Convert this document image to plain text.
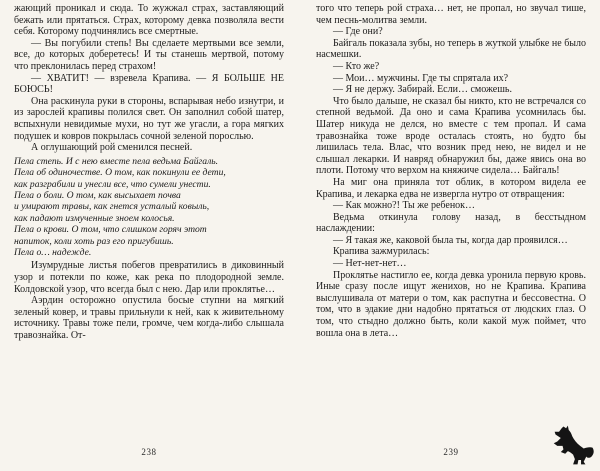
жающий проникал и сюда. То жужжал страх, заставляющий бежать или прятаться. Страх, которому девка позволяла вести себя. Которому подчинялись все смертные.

— Вы погубили степь! Вы сделаете мертвыми все земли, все, до которых доберетесь! И ты станешь мертвой, потому что преклонилась перед страхом!

— ХВАТИТ! — взревела Крапива. — Я БОЛЬШЕ НЕ БОЮСЬ!

Она раскинула руки в стороны, вспарывая небо изнутри, и из зарослей крапивы полился свет. Он заполнил собой шатер, вспыхнули невидимые мухи, но тут же угасли, а гора мягких подушек и ковров покрылась сочной зеленой порослью.

А оглушающий рой сменился песней.

Пела степь. И с нею вместе пела ведьма Байгаль.
Пела об одиночестве. О том, как покинули ее дети,
как разграбили и унесли все, что сумели унести.
Пела о боли. О том, как высыхает почва
и умирают травы, как гнется усталый ковыль,
как падают измученные зноем колосья.
Пела о крови. О том, что слишком горяч этот
напиток, коли хоть раз его пригубишь.
Пела о… надежде.

Изумрудные листья побегов превратились в диковинный узор и потекли по коже, как река по плодородной земле. Колдовской узор, что всегда был с нею. Дар или проклятье…

Аэрдин осторожно опустила босые ступни на мягкий зеленый ковер, и травы прильнули к ней, как к живительному источнику. Травы тоже пели, громче, чем когда-либо слышала травознайка. От-

238

того что теперь рой страха… нет, не пропал, но звучал тише, чем песнь-молитва земли.

— Где они?

Байгаль показала зубы, но теперь в жуткой улыбке не было насмешки.

— Кто же?

— Мои… мужчины. Где ты спрятала их?

— Я не держу. Забирай. Если… сможешь.

Что было дальше, не сказал бы никто, кто не встречался со степной ведьмой. Да оно и сама Крапива усомнилась бы. Шатер никуда не делся, но вместе с тем пропал. И сама травознайка тоже вроде осталась стоять, но будто бы лишилась тела. Влас, что возник пред нею, не видел и не слышал лекарки. И навряд обнаружил бы, даже явись она во плоти. Потому что верхом на княжиче сидела… Байгаль!

На миг она приняла тот облик, в котором видела ее Крапива, и лекарка едва не извергла нутро от отвращения:

— Как можно?! Ты же ребенок…

Ведьма откинула голову назад, в бесстыдном наслаждении:

— Я такая же, каковой была ты, когда дар проявился…

Крапива зажмурилась:

— Нет-нет-нет…

Проклятье настигло ее, когда девка уронила первую кровь. Иные сразу после ищут женихов, но не Крапива. Крапива выслушивала от матери о том, как распутна и бессовестна. О том, что в эдакие дни надобно прятаться от людских глаз. О том, что стыдно должно быть, коли какой муж поймет, что вошла она в лета…

239
